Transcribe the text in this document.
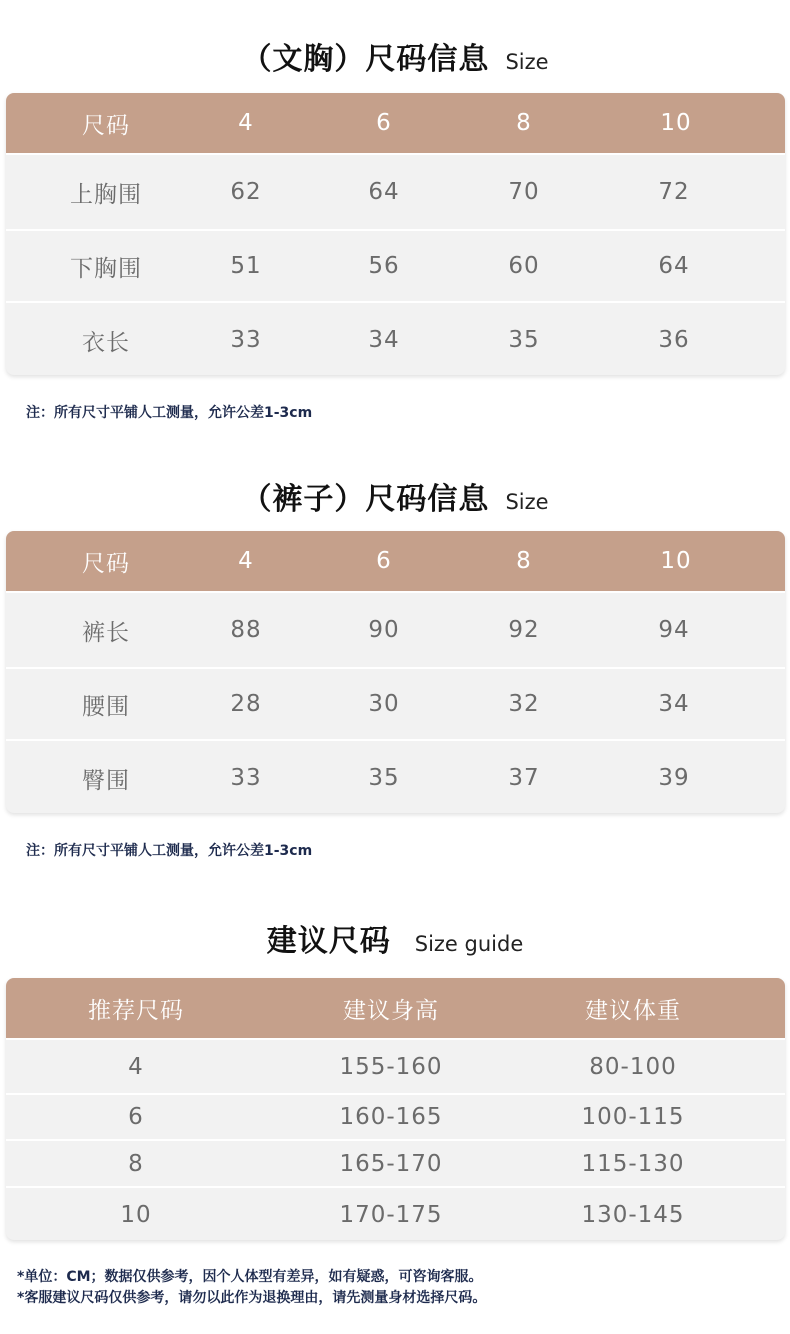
（文胸）尺码信息 Size
尺码	4	6	8	10
上胸围	62	64	70	72
下胸围	51	56	60	64
衣长	33	34	35	36
注：所有尺寸平铺人工测量，允许公差1-3cm
（裤子）尺码信息 Size
尺码	4	6	8	10
裤长	88	90	92	94
腰围	28	30	32	34
臀围	33	35	37	39
注：所有尺寸平铺人工测量，允许公差1-3cm
建议尺码 Size guide
推荐尺码	建议身高	建议体重
4	155-160	80-100
6	160-165	100-115
8	165-170	115-130
10	170-175	130-145
*单位：CM；数据仅供参考，因个人体型有差异，如有疑惑，可咨询客服。
*客服建议尺码仅供参考，请勿以此作为退换理由，请先测量身材选择尺码。
